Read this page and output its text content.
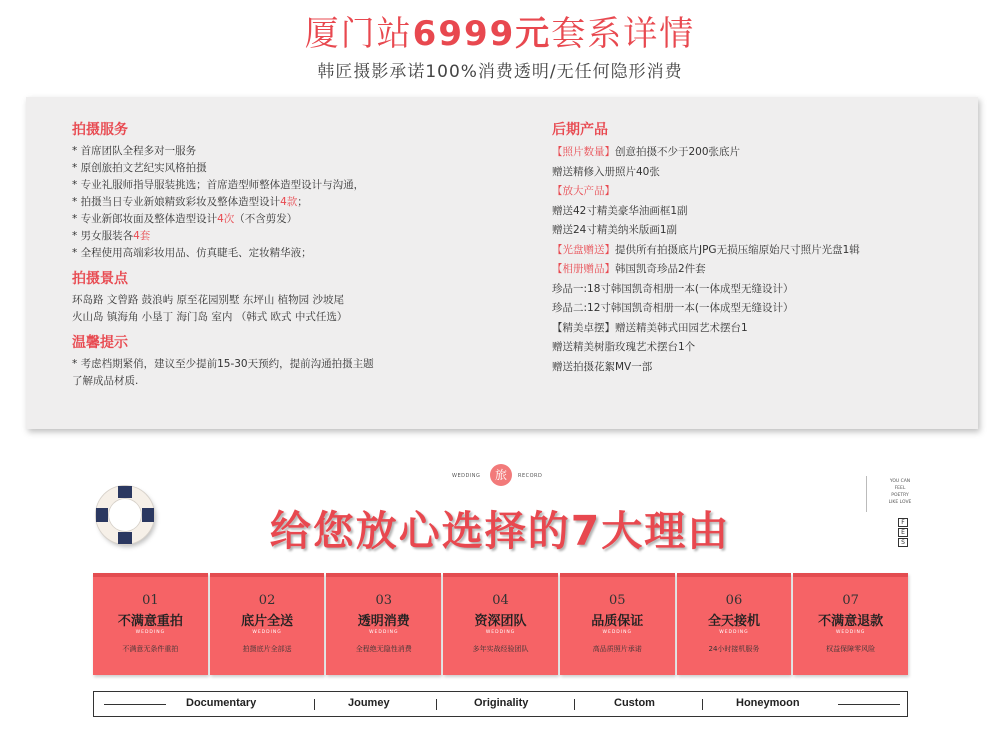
厦门站6999元套系详情
韩匠摄影承诺100%消费透明/无任何隐形消费
拍摄服务
* 首席团队全程多对一服务
* 原创旅拍文艺纪实风格拍摄
* 专业礼服师指导服装挑选；首席造型师整体造型设计与沟通，
* 拍摄当日专业新娘精致彩妆及整体造型设计4款；
* 专业新郎妆面及整体造型设计4次（不含剪发）
* 男女服装各4套
* 全程使用高端彩妆用品、仿真睫毛、定妆精华液；
拍摄景点
环岛路 文曾路 鼓浪屿 原至花园别墅 东坪山 植物园 沙坡尾
火山岛 镇海角 小垦丁 海门岛 室内 （韩式 欧式 中式任选）
温馨提示
* 考虑档期紧俏，建议至少提前15-30天预约，提前沟通拍摄主题
了解成品材质.
后期产品
【照片数量】创意拍摄不少于200张底片
赠送精修入册照片40张
【放大产品】
赠送42寸精美豪华油画框1副
赠送24寸精美纳米版画1副
【光盘赠送】提供所有拍摄底片JPG无损压缩原始尺寸照片光盘1辑
【相册赠品】韩国凯奇珍品2件套
珍品一:18寸韩国凯奇相册一本(一体成型无缝设计）
珍品二:12寸韩国凯奇相册一本(一体成型无缝设计）
【精美卓摆】赠送精美韩式田园艺术摆台1
赠送精美树脂玫瑰艺术摆台1个
赠送拍摄花絮MV一部
WEDDING	旅	RECORD
YOU CAN
FEEL
POETRY
LIKE LOVE
F
E
S
给您放心选择的7大理由
01
不满意重拍
WEDDING
不满意无条件重拍
02
底片全送
WEDDING
拍摄底片全部送
03
透明消费
WEDDING
全程绝无隐性消费
04
资深团队
WEDDING
多年实战经验团队
05
品质保证
WEDDING
高品质照片承诺
06
全天接机
WEDDING
24小时接机服务
07
不满意退款
WEDDING
权益保障零风险
Documentary	Joumey	Originality	Custom	Honeymoon
